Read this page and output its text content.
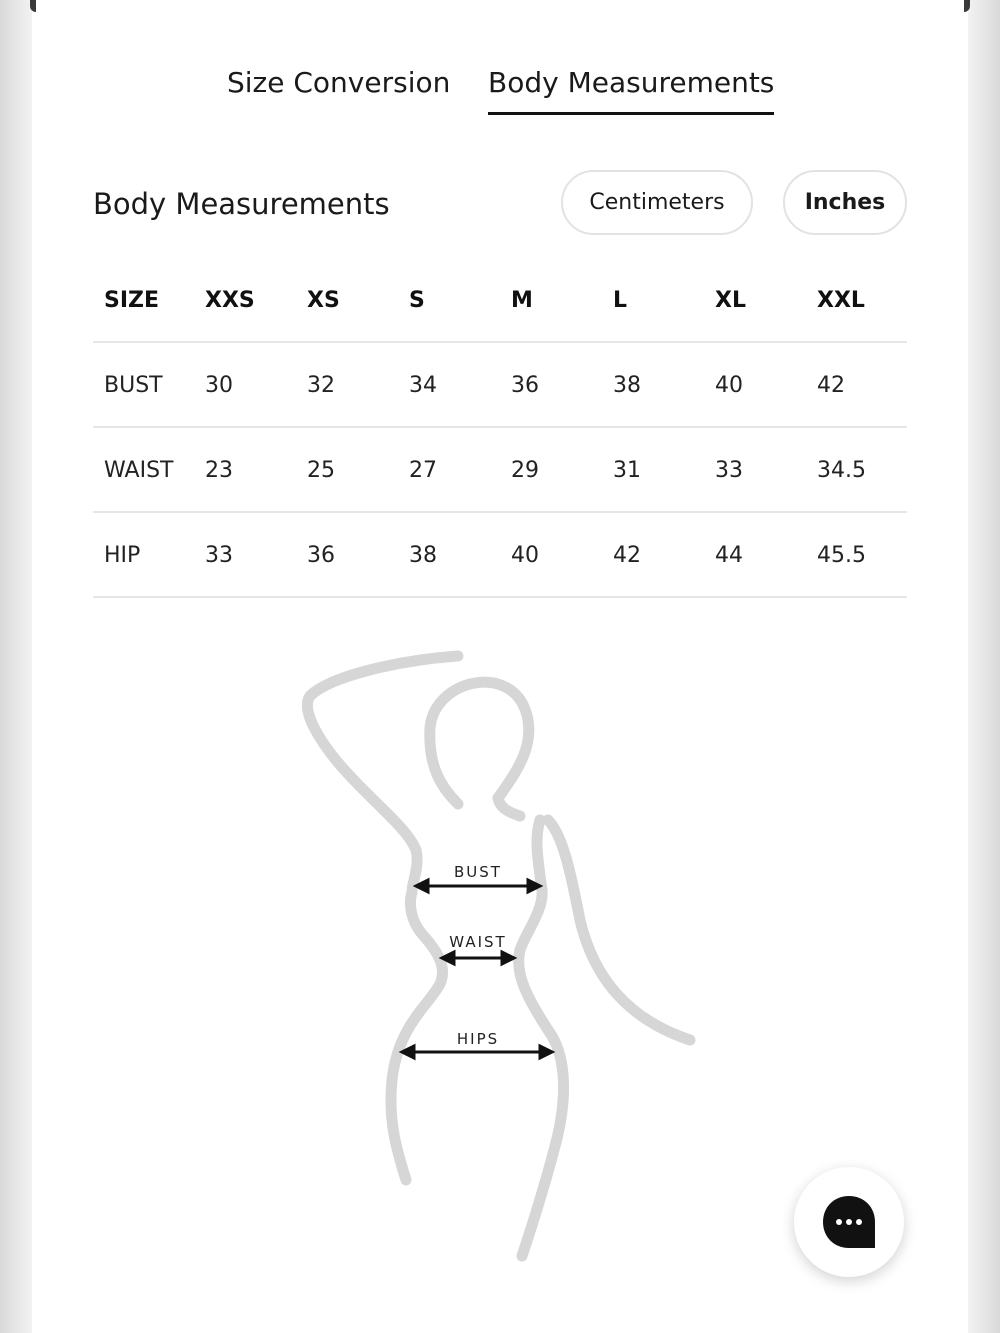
Size Conversion Body Measurements
Body Measurements	Centimeters	Inches
SIZE XXS XS	S	M	L	XL	XXL
BUST 30	32	34	36	38	40	42
WAIST 23	25	27	29	31	33	34.5
HIP	33	36	38	40	42	44	45.5
BUST
WAIST
HIPS
